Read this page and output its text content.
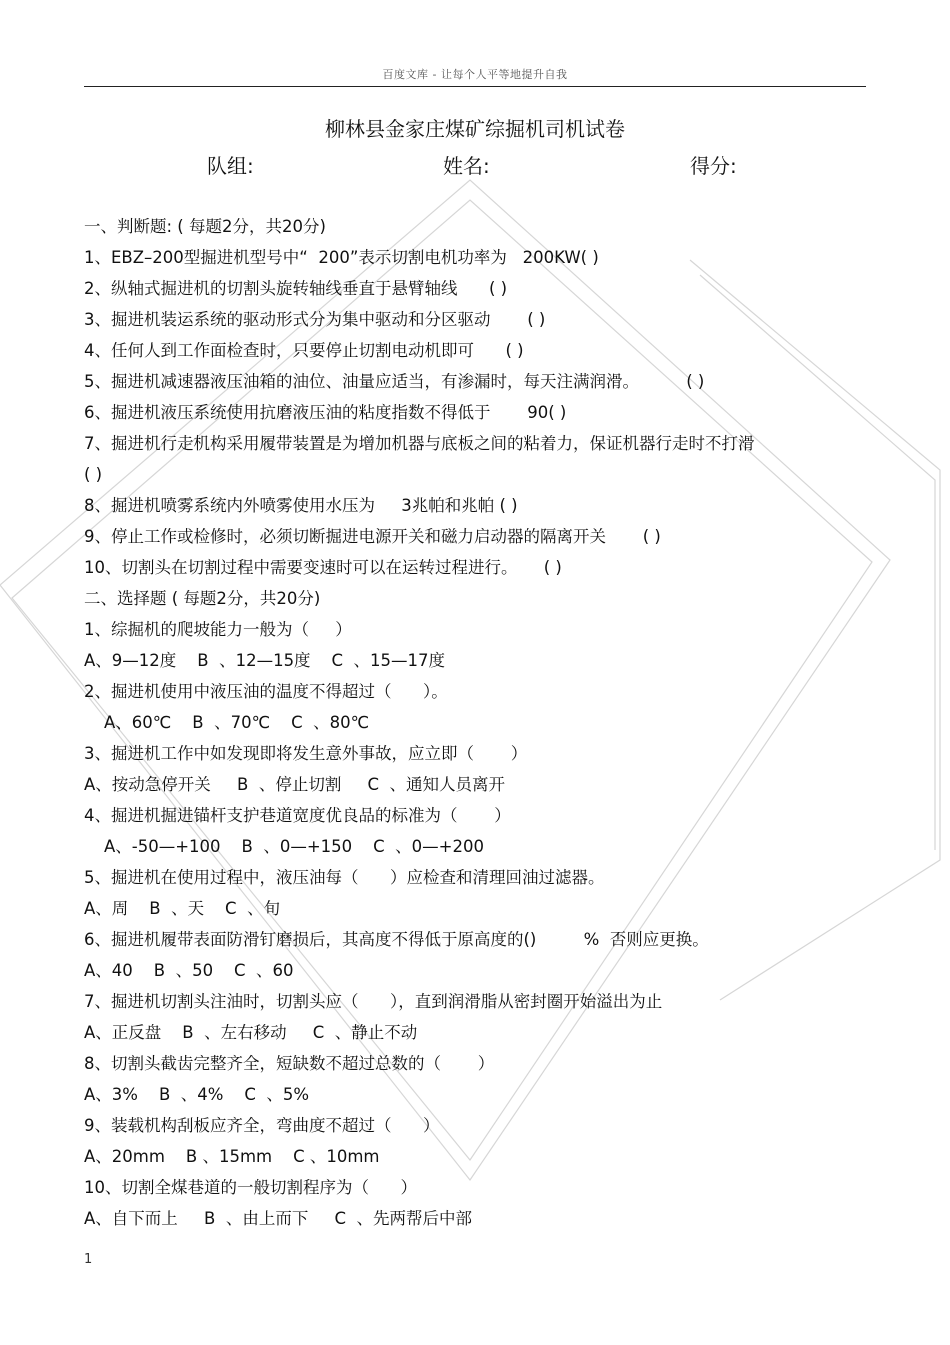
百度文库 - 让每个人平等地提升自我
柳林县金家庄煤矿综掘机司机试卷
队组:	姓名:	得分:
一、判断题: ( 每题2分，共20分)
1、EBZ–200型掘进机型号中“  200”表示切割电机功率为   200KW( )
2、纵轴式掘进机的切割头旋转轴线垂直于悬臂轴线      ( )
3、掘进机装运系统的驱动形式分为集中驱动和分区驱动       ( )
4、任何人到工作面检查时，只要停止切割电动机即可      ( )
5、掘进机减速器液压油箱的油位、油量应适当，有渗漏时，每天注满润滑。         ( )
6、掘进机液压系统使用抗磨液压油的粘度指数不得低于       90( )
7、掘进机行走机构采用履带装置是为增加机器与底板之间的粘着力，保证机器行走时不打滑
( )
8、掘进机喷雾系统内外喷雾使用水压为     3兆帕和兆帕 ( )
9、停止工作或检修时，必须切断掘进电源开关和磁力启动器的隔离开关       ( )
10、切割头在切割过程中需要变速时可以在运转过程进行。     ( )
二、选择题 ( 每题2分，共20分)
1、综掘机的爬坡能力一般为（     ）
A、9—12度    B  、12—15度    C  、15—17度
2、掘进机使用中液压油的温度不得超过（      ）。
A、60℃    B  、70℃    C  、80℃
3、掘进机工作中如发现即将发生意外事故，应立即（       ）
A、按动急停开关     B  、停止切割     C  、通知人员离开
4、掘进机掘进锚杆支护巷道宽度优良品的标准为（       ）
A、-50—+100    B  、0—+150    C  、0—+200
5、掘进机在使用过程中，液压油每（      ）应检查和清理回油过滤器。
A、周    B  、天    C  、旬
6、掘进机履带表面防滑钉磨损后，其高度不得低于原高度的()         %  否则应更换。
A、40    B  、50    C  、60
7、掘进机切割头注油时，切割头应（      ），直到润滑脂从密封圈开始溢出为止
A、正反盘    B  、左右移动     C  、静止不动
8、切割头截齿完整齐全，短缺数不超过总数的（       ）
A、3%    B  、4%    C  、5%
9、装载机构刮板应齐全，弯曲度不超过（      ）
A、20mm    B 、15mm    C 、10mm
10、切割全煤巷道的一般切割程序为（      ）
A、自下而上     B  、由上而下     C  、先两帮后中部
1
